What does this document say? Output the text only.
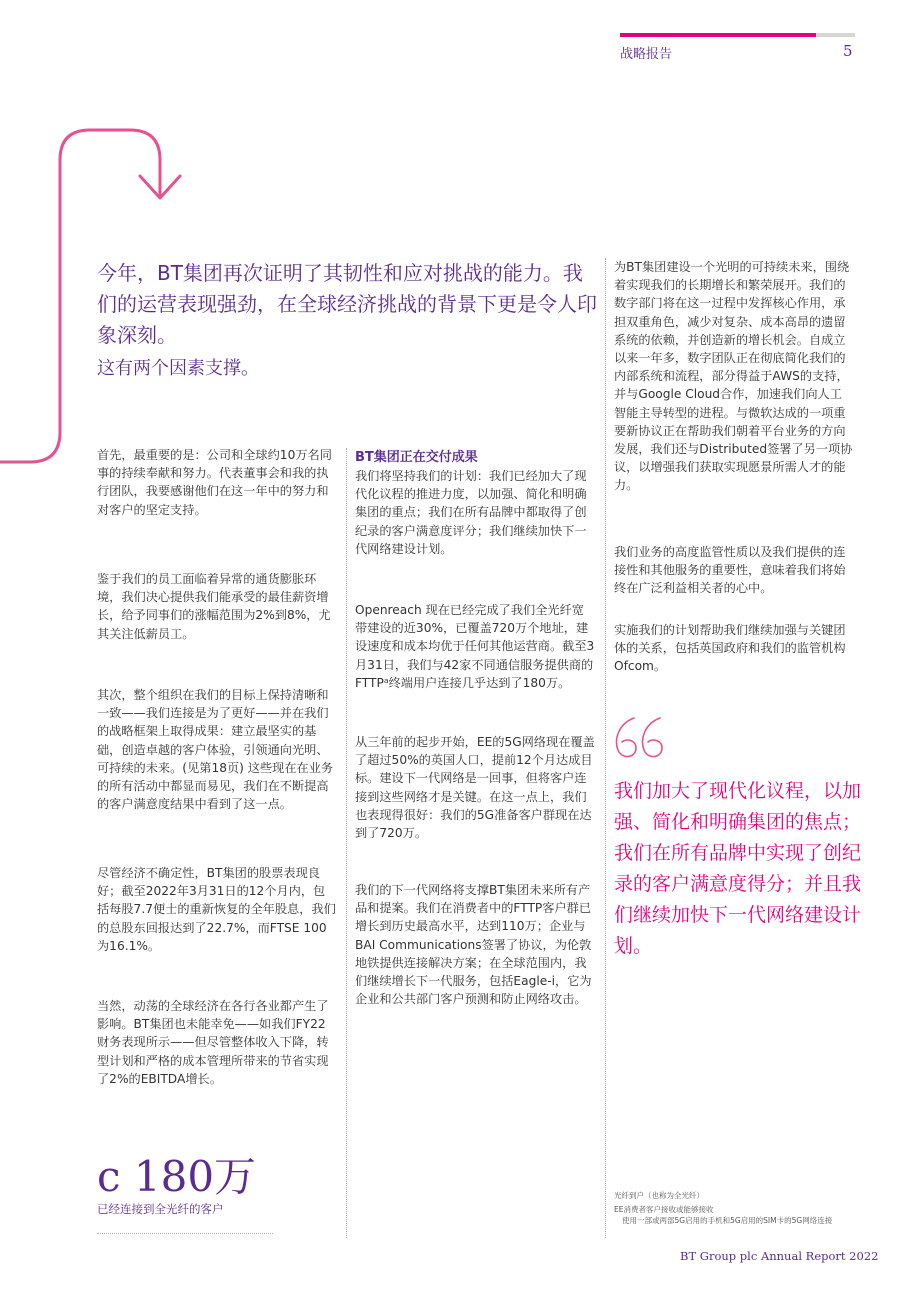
战略报告	5
今年，BT集团再次证明了其韧性和应对挑战的能力。我们的运营表现强劲，在全球经济挑战的背景下更是令人印象深刻。
这有两个因素支撑。
首先，最重要的是：公司和全球约10万名同事的持续奉献和努力。代表董事会和我的执行团队，我要感谢他们在这一年中的努力和对客户的坚定支持。
鉴于我们的员工面临着异常的通货膨胀环境，我们决心提供我们能承受的最佳薪资增长，给予同事们的涨幅范围为2%到8%，尤其关注低薪员工。
其次，整个组织在我们的目标上保持清晰和一致——我们连接是为了更好——并在我们的战略框架上取得成果：建立最坚实的基础，创造卓越的客户体验，引领通向光明、可持续的未来。(见第18页) 这些现在在业务的所有活动中都显而易见，我们在不断提高的客户满意度结果中看到了这一点。
尽管经济不确定性，BT集团的股票表现良好；截至2022年3月31日的12个月内，包括每股7.7便士的重新恢复的全年股息，我们的总股东回报达到了22.7%，而FTSE 100为16.1%。
当然，动荡的全球经济在各行各业都产生了影响。BT集团也未能幸免——如我们FY22财务表现所示——但尽管整体收入下降，转型计划和严格的成本管理所带来的节省实现了2%的EBITDA增长。
BT集团正在交付成果
我们将坚持我们的计划：我们已经加大了现代化议程的推进力度，以加强、简化和明确集团的重点；我们在所有品牌中都取得了创纪录的客户满意度评分；我们继续加快下一代网络建设计划。
Openreach 现在已经完成了我们全光纤宽带建设的近30%，已覆盖720万个地址，建设速度和成本均优于任何其他运营商。截至3月31日，我们与42家不同通信服务提供商的FTTPᵃ终端用户连接几乎达到了180万。
从三年前的起步开始，EE的5G网络现在覆盖了超过50%的英国人口，提前12个月达成目标。建设下一代网络是一回事，但将客户连接到这些网络才是关键。在这一点上，我们也表现得很好：我们的5G准备客户群现在达到了720万。
我们的下一代网络将支撑BT集团未来所有产品和提案。我们在消费者中的FTTP客户群已增长到历史最高水平，达到110万；企业与BAI Communications签署了协议，为伦敦地铁提供连接解决方案；在全球范围内，我们继续增长下一代服务，包括Eagle-i，它为企业和公共部门客户预测和防止网络攻击。
为BT集团建设一个光明的可持续未来，围绕着实现我们的长期增长和繁荣展开。我们的数字部门将在这一过程中发挥核心作用，承担双重角色，减少对复杂、成本高昂的遗留系统的依赖，并创造新的增长机会。自成立以来一年多，数字团队正在彻底简化我们的内部系统和流程，部分得益于AWS的支持，并与Google Cloud合作，加速我们向人工智能主导转型的进程。与微软达成的一项重要新协议正在帮助我们朝着平台业务的方向发展，我们还与Distributed签署了另一项协议，以增强我们获取实现愿景所需人才的能力。
我们业务的高度监管性质以及我们提供的连接性和其他服务的重要性，意味着我们将始终在广泛利益相关者的心中。
实施我们的计划帮助我们继续加强与关键团体的关系，包括英国政府和我们的监管机构Ofcom。
我们加大了现代化议程，以加强、简化和明确集团的焦点；我们在所有品牌中实现了创纪录的客户满意度得分；并且我们继续加快下一代网络建设计划。
c 180万
已经连接到全光纤的客户
光纤到户（也称为全光纤）
EE消费者客户接收或能够接收
使用一部或两部5G启用的手机和5G启用的SIM卡的5G网络连接
BT Group plc Annual Report 2022
